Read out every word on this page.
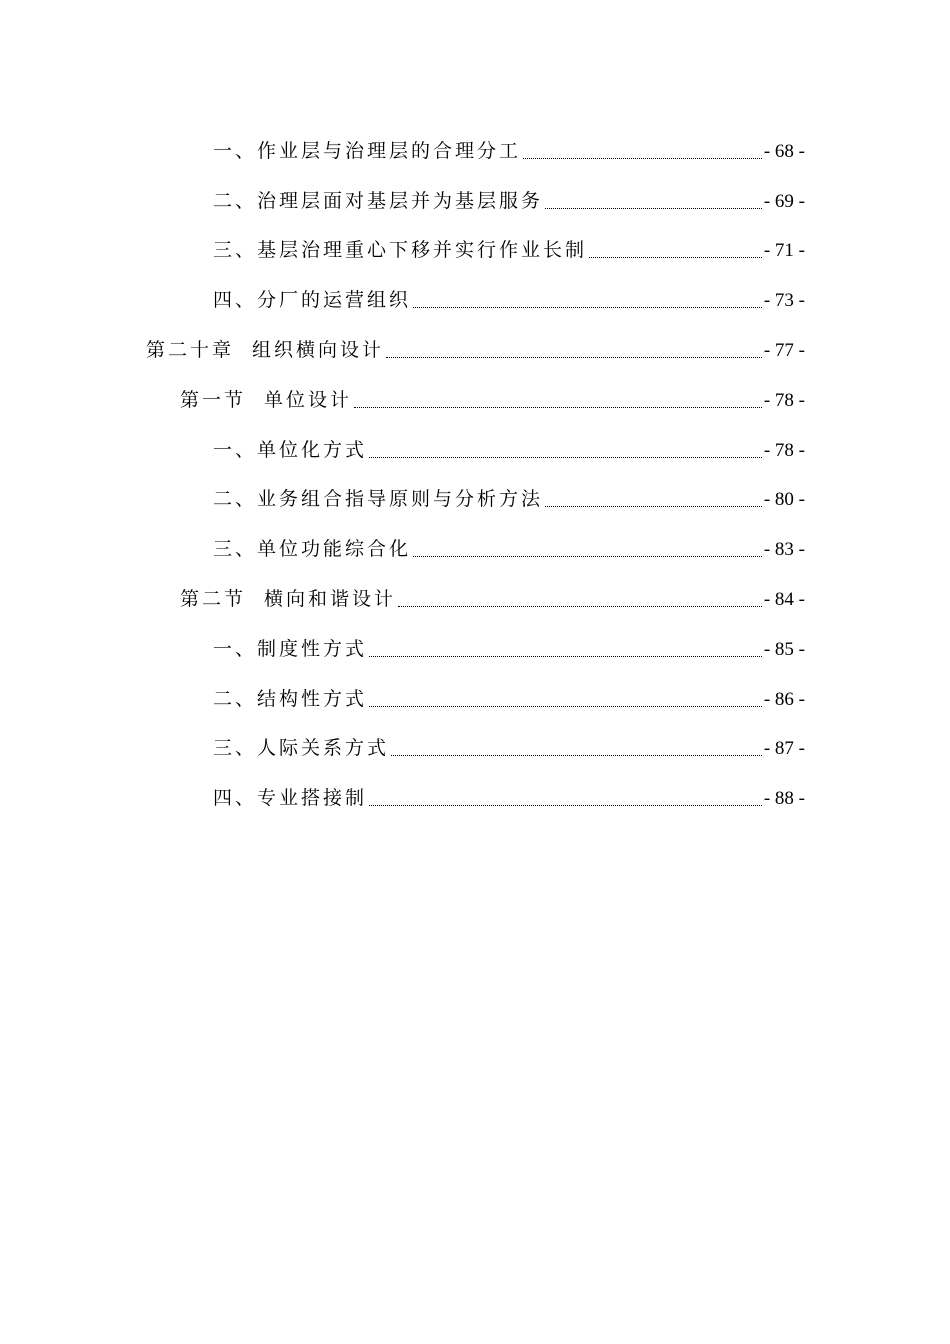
一、作业层与治理层的合理分工	- 68 -
二、治理层面对基层并为基层服务	- 69 -
三、基层治理重心下移并实行作业长制	- 71 -
四、分厂的运营组织	- 73 -
第二十章 组织横向设计	- 77 -
第一节 单位设计	- 78 -
一、单位化方式	- 78 -
二、业务组合指导原则与分析方法	- 80 -
三、单位功能综合化	- 83 -
第二节 横向和谐设计	- 84 -
一、制度性方式	- 85 -
二、结构性方式	- 86 -
三、人际关系方式	- 87 -
四、专业搭接制	- 88 -
